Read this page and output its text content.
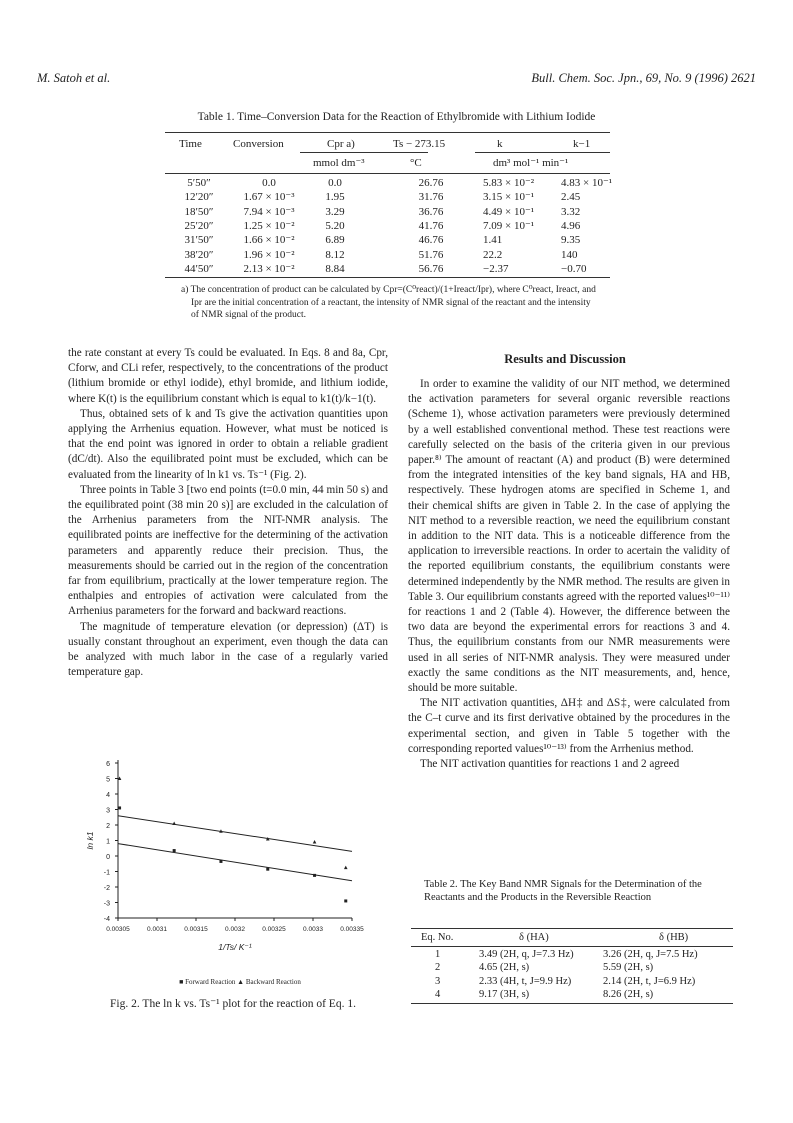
M. Satoh et al.	Bull. Chem. Soc. Jpn., 69, No. 9 (1996) 2621
Table 1. Time–Conversion Data for the Reaction of Ethylbromide with Lithium Iodide
Time	Conversion	Cpr a)	Ts − 273.15	k	k−1
mmol dm⁻³	°C	dm³ mol⁻¹ min⁻¹
5′50″	0.0	0.0	26.76	5.83 × 10⁻²	4.83 × 10⁻¹
12′20″	1.67 × 10⁻³	1.95	31.76	3.15 × 10⁻¹	2.45
18′50″	7.94 × 10⁻³	3.29	36.76	4.49 × 10⁻¹	3.32
25′20″	1.25 × 10⁻²	5.20	41.76	7.09 × 10⁻¹	4.96
31′50″	1.66 × 10⁻²	6.89	46.76	1.41	9.35
38′20″	1.96 × 10⁻²	8.12	51.76	22.2	140
44′50″	2.13 × 10⁻²	8.84	56.76	−2.37	−0.70

a) The concentration of product can be calculated by Cpr=(C⁰react)/(1+Ireact/Ipr), where C⁰react, Ireact, and

Ipr are the initial concentration of a reactant, the intensity of NMR signal of the reactant and the intensity

of NMR signal of the product.

the rate constant at every Ts could be evaluated. In Eqs. 8 and 8a, Cpr, Cforw, and CLi refer, respectively, to the concentrations of the product (lithium bromide or ethyl iodide), ethyl bromide, and lithium iodide, where K(t) is the equilibrium constant which is equal to k1(t)/k−1(t).

Thus, obtained sets of k and Ts give the activation quantities upon applying the Arrhenius equation. However, what must be noticed is that the end point was ignored in order to obtain a reliable gradient (dC/dt). Also the equilibrated point must be excluded, which can be evaluated from the linearity of ln k1 vs. Ts⁻¹ (Fig. 2).

Three points in Table 3 [two end points (t=0.0 min, 44 min 50 s) and the equilibrated point (38 min 20 s)] are excluded in the calculation of the Arrhenius parameters from the NIT-NMR analysis. The equilibrated points are ineffective for the determining of the activation parameters and apparently reduce their precision. Thus, the measurements should be carried out in the region of the concentration far from equilibrium, practically at the lower temperature region. The enthalpies and entropies of activation were calculated from the Arrhenius parameters for the forward and backward reactions.

The magnitude of temperature elevation (or depression) (ΔT) is usually constant throughout an experiment, even though the data can be analyzed with much labor in the case of a regularly varied temperature gap.

Results and Discussion

In order to examine the validity of our NIT method, we determined the activation parameters for several organic reversible reactions (Scheme 1), whose activation parameters were previously determined by a well established conventional method. These test reactions were carefully selected on the basis of the criteria given in our previous paper.⁸⁾ The amount of reactant (A) and product (B) were determined from the integrated intensities of the key band signals, HA and HB, respectively. These hydrogen atoms are specified in Scheme 1, and their chemical shifts are given in Table 2. In the case of applying the NIT method to a reversible reaction, we need the equilibrium constant in addition to the NIT data. This is a noticeable difference from the application to irreversible reactions. In order to acertain the validity of the reported equilibrium constants, the equilibrium constants were determined independently by the NMR method. The results are given in Table 3. Our equilibrium constants agreed with the reported values¹⁰⁻¹¹⁾ for reactions 1 and 2 (Table 4). However, the difference between the two data are beyond the experimental errors for reactions 3 and 4. Thus, the equilibrium constants from our NMR measurements were used in all series of NIT-NMR analysis. They were measured under exactly the same conditions as the NIT measurements, and, hence, should be more suitable.

The NIT activation quantities, ΔH‡ and ΔS‡, were calculated from the C–t curve and its first derivative obtained by the procedures in the experimental section, and given in Table 5 together with the corresponding reported values¹⁰⁻¹³⁾ from the Arrhenius method.

The NIT activation quantities for reactions 1 and 2 agreed

6
5
4
3
2
1
0
-1
-2
-3
-4
0.00305	0.0031	0.00315	0.0032	0.00325	0.0033	0.00335
ln k1
1/Ts/ K⁻¹
■ Forward Reaction ▲ Backward Reaction
Fig. 2. The ln k vs. Ts⁻¹ plot for the reaction of Eq. 1.
Table 2. The Key Band NMR Signals for the Determination of the Reactants and the Products in the Reversible Reaction
Eq. No.	δ (HA)	δ (HB)
1	3.49 (2H, q, J=7.3 Hz)	3.26 (2H, q, J=7.5 Hz)
2	4.65 (2H, s)	5.59 (2H, s)
3	2.33 (4H, t, J=9.9 Hz)	2.14 (2H, t, J=6.9 Hz)
4	9.17 (3H, s)	8.26 (2H, s)
